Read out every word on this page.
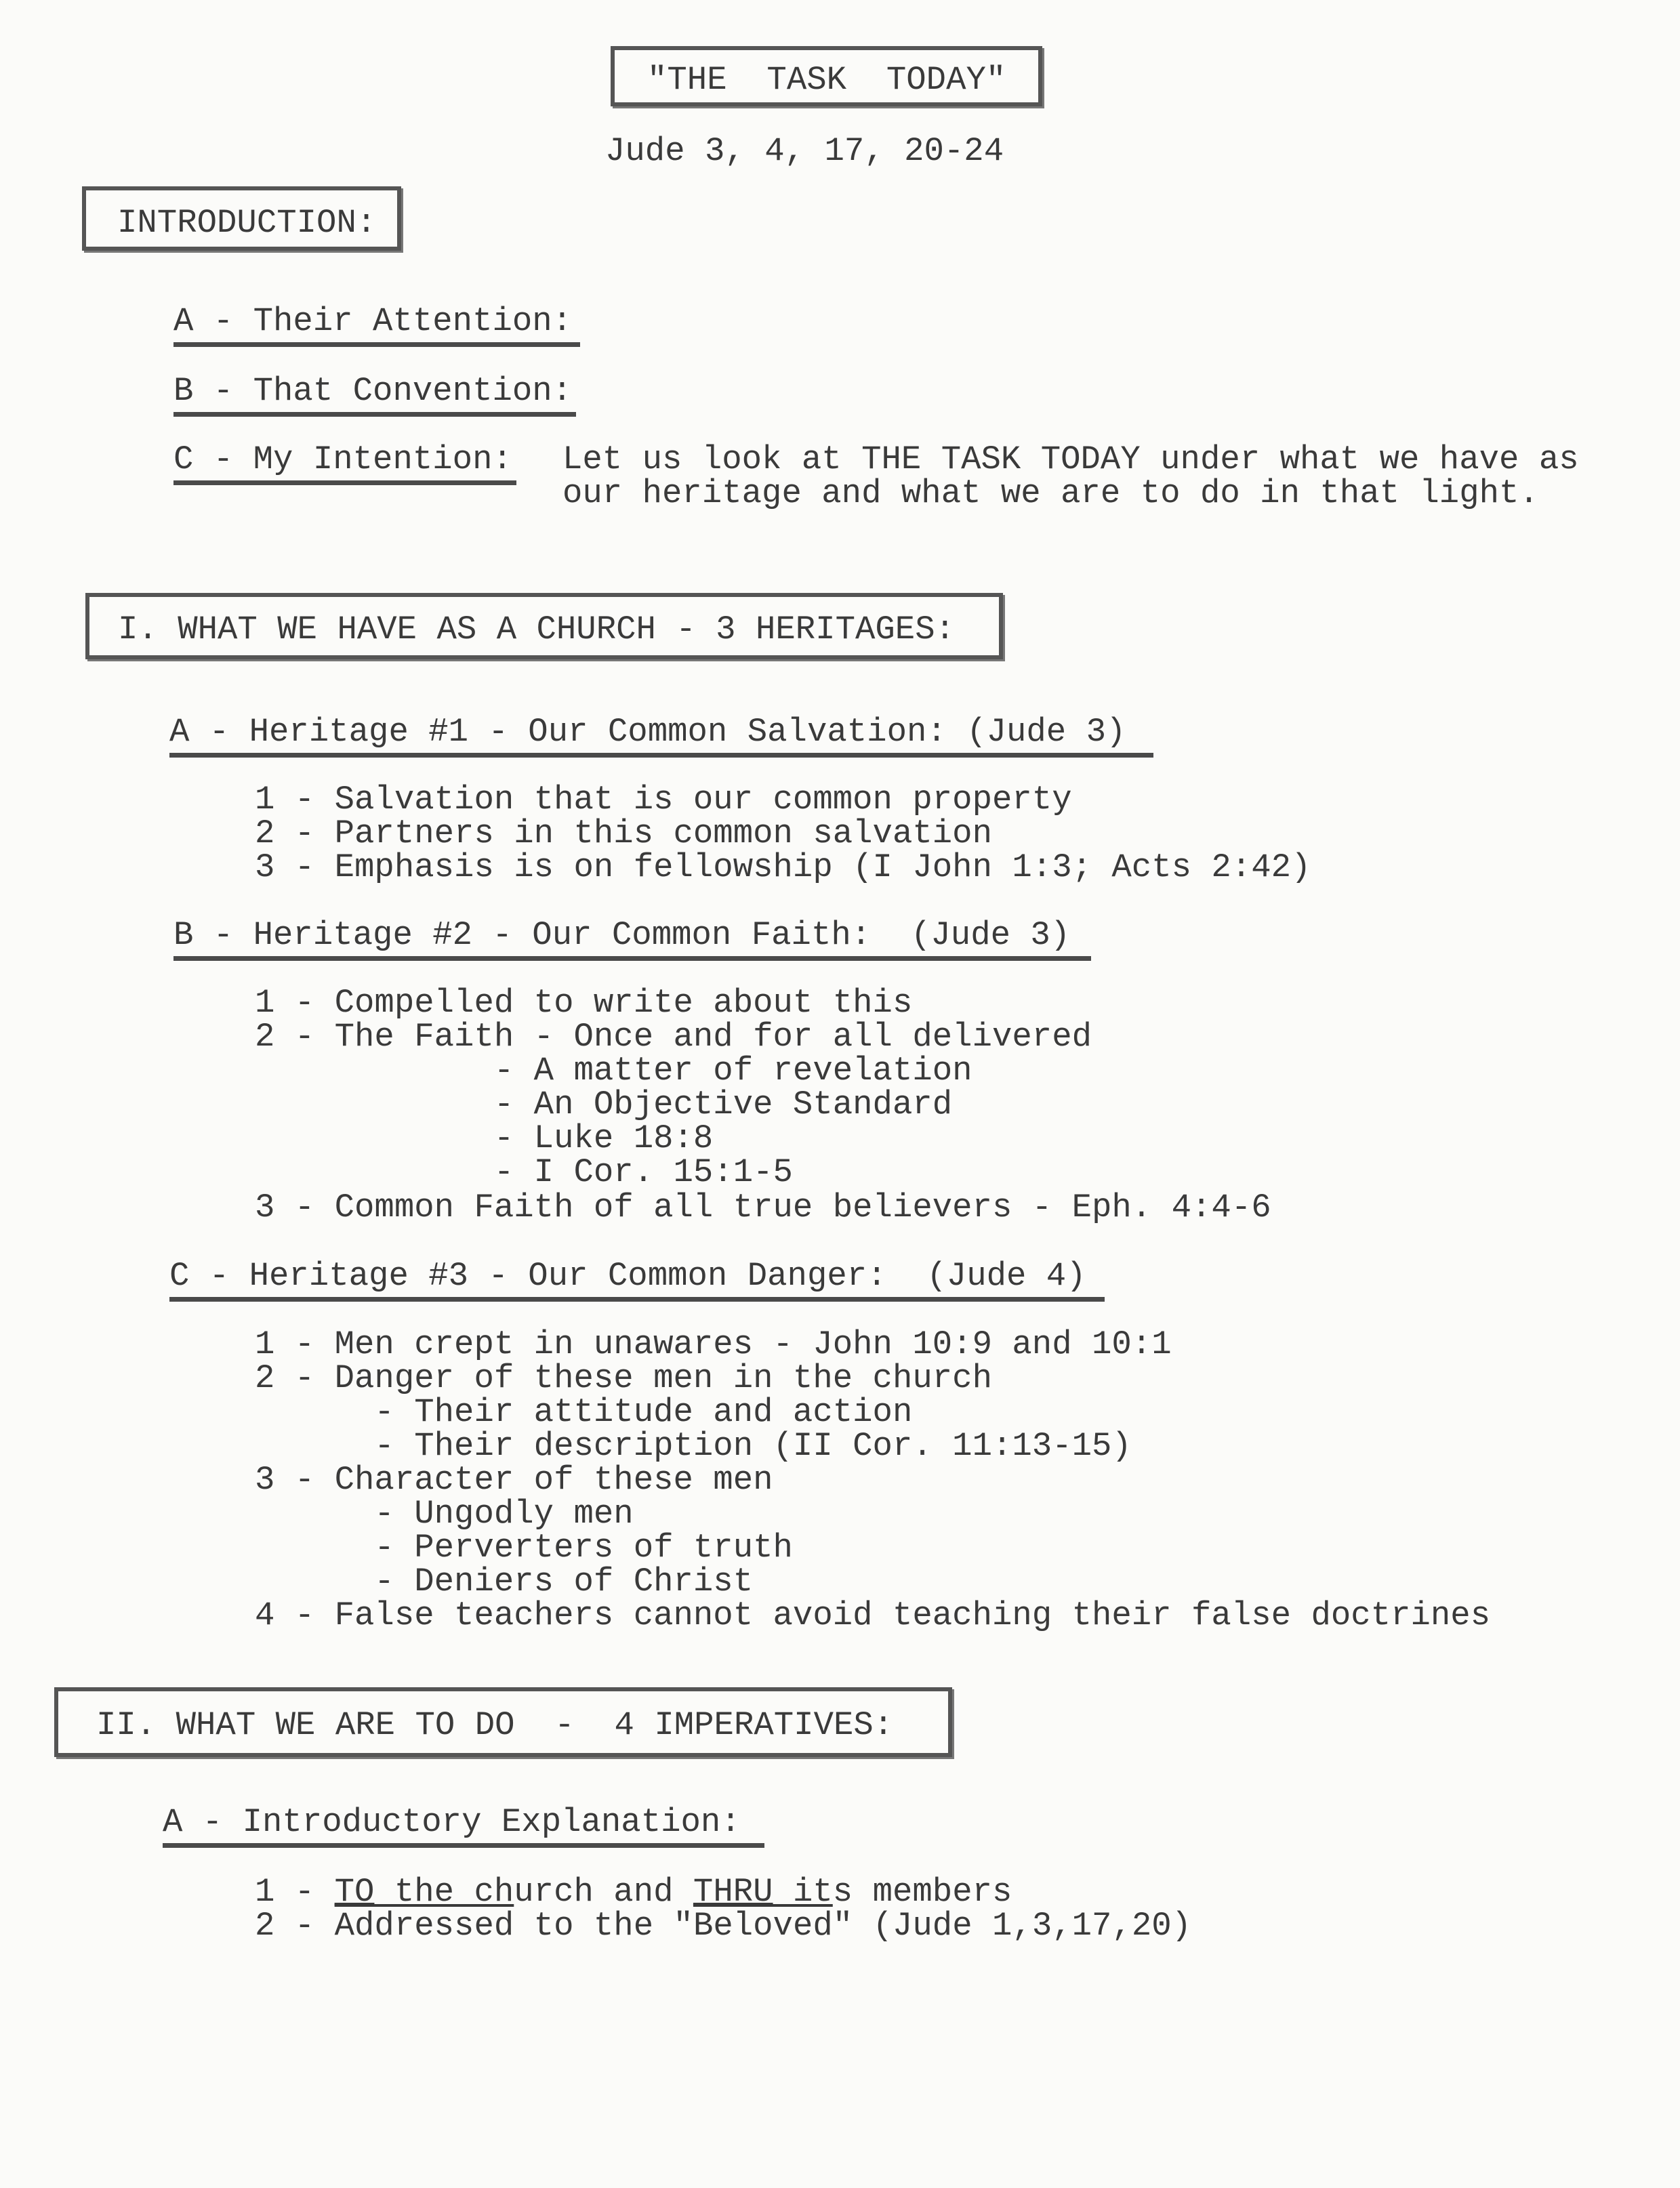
"THE  TASK  TODAY"
Jude 3, 4, 17, 20-24
INTRODUCTION:
A - Their Attention:
B - That Convention:
C - My Intention: Let us look at THE TASK TODAY under what we have as
our heritage and what we are to do in that light.
I. WHAT WE HAVE AS A CHURCH - 3 HERITAGES:
A - Heritage #1 - Our Common Salvation: (Jude 3)
1 - Salvation that is our common property
2 - Partners in this common salvation
3 - Emphasis is on fellowship (I John 1:3; Acts 2:42)
B - Heritage #2 - Our Common Faith:  (Jude 3)
1 - Compelled to write about this
2 - The Faith - Once and for all delivered
- A matter of revelation
- An Objective Standard
- Luke 18:8
- I Cor. 15:1-5
3 - Common Faith of all true believers - Eph. 4:4-6
C - Heritage #3 - Our Common Danger:  (Jude 4)
1 - Men crept in unawares - John 10:9 and 10:1
2 - Danger of these men in the church
- Their attitude and action
- Their description (II Cor. 11:13-15)
3 - Character of these men
- Ungodly men
- Perverters of truth
- Deniers of Christ
4 - False teachers cannot avoid teaching their false doctrines
II. WHAT WE ARE TO DO  -  4 IMPERATIVES:
A - Introductory Explanation:
1 - TO the church and THRU its members
2 - Addressed to the "Beloved" (Jude 1,3,17,20)
